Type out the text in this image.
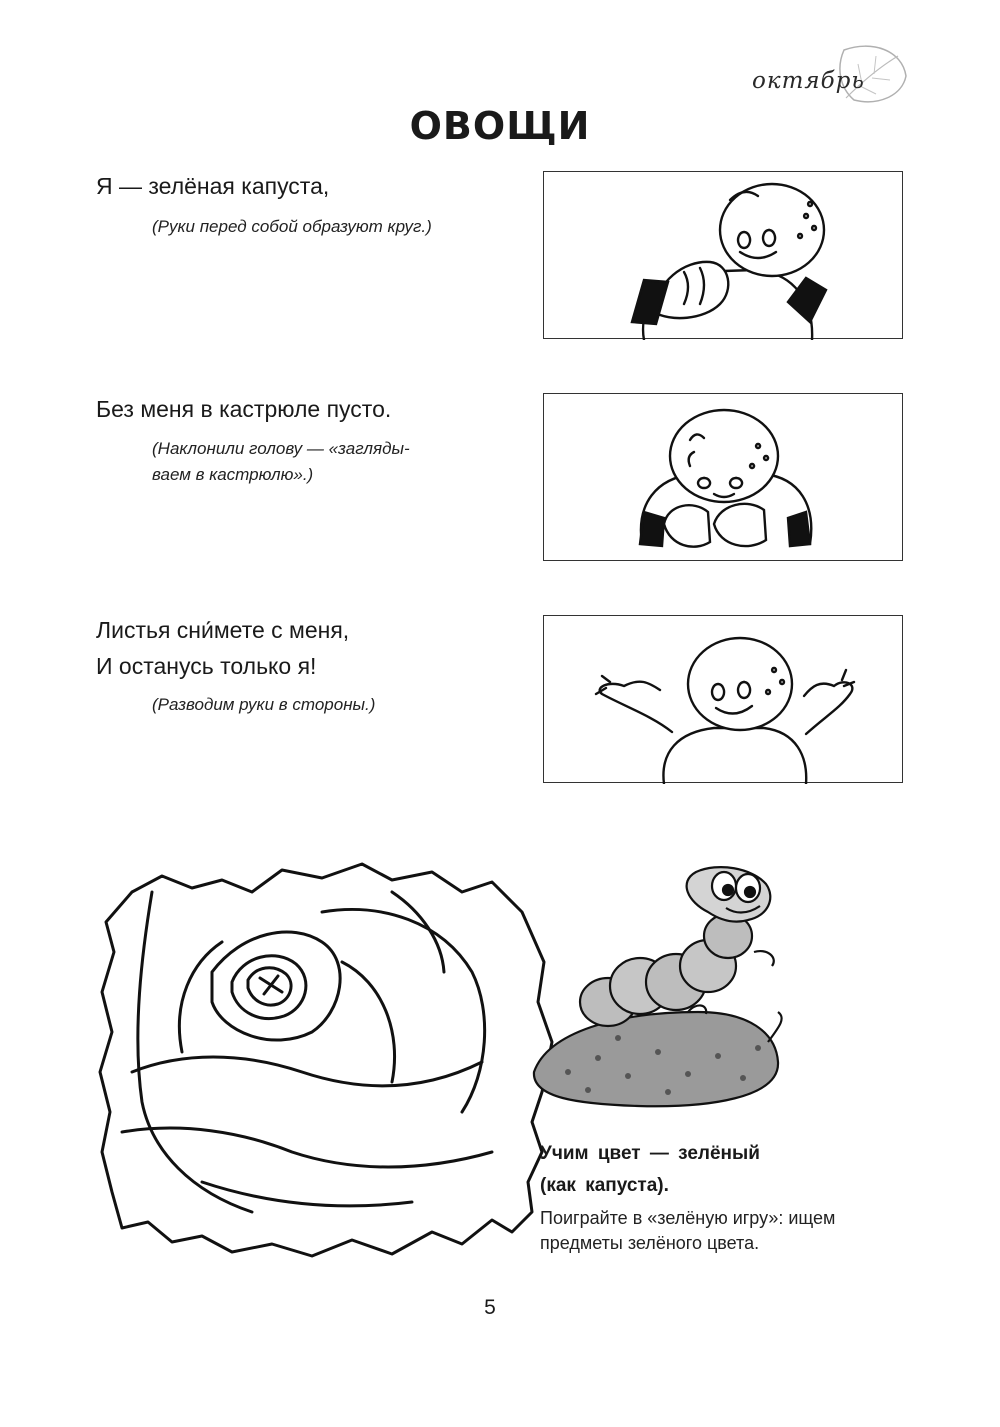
октябрь
ОВОЩИ
Я — зелёная капуста,
(Руки перед собой образуют круг.)
Без меня в кастрюле пусто.
(Наклонили голову — «загляды-
ваем в кастрюлю».)
Листья сни́мете с меня,
И останусь только я!
(Разводим руки в стороны.)
Учим цвет — зелёный
(как капуста).
Поиграйте в «зелёную игру»: ищем
предметы зелёного цвета.
5
